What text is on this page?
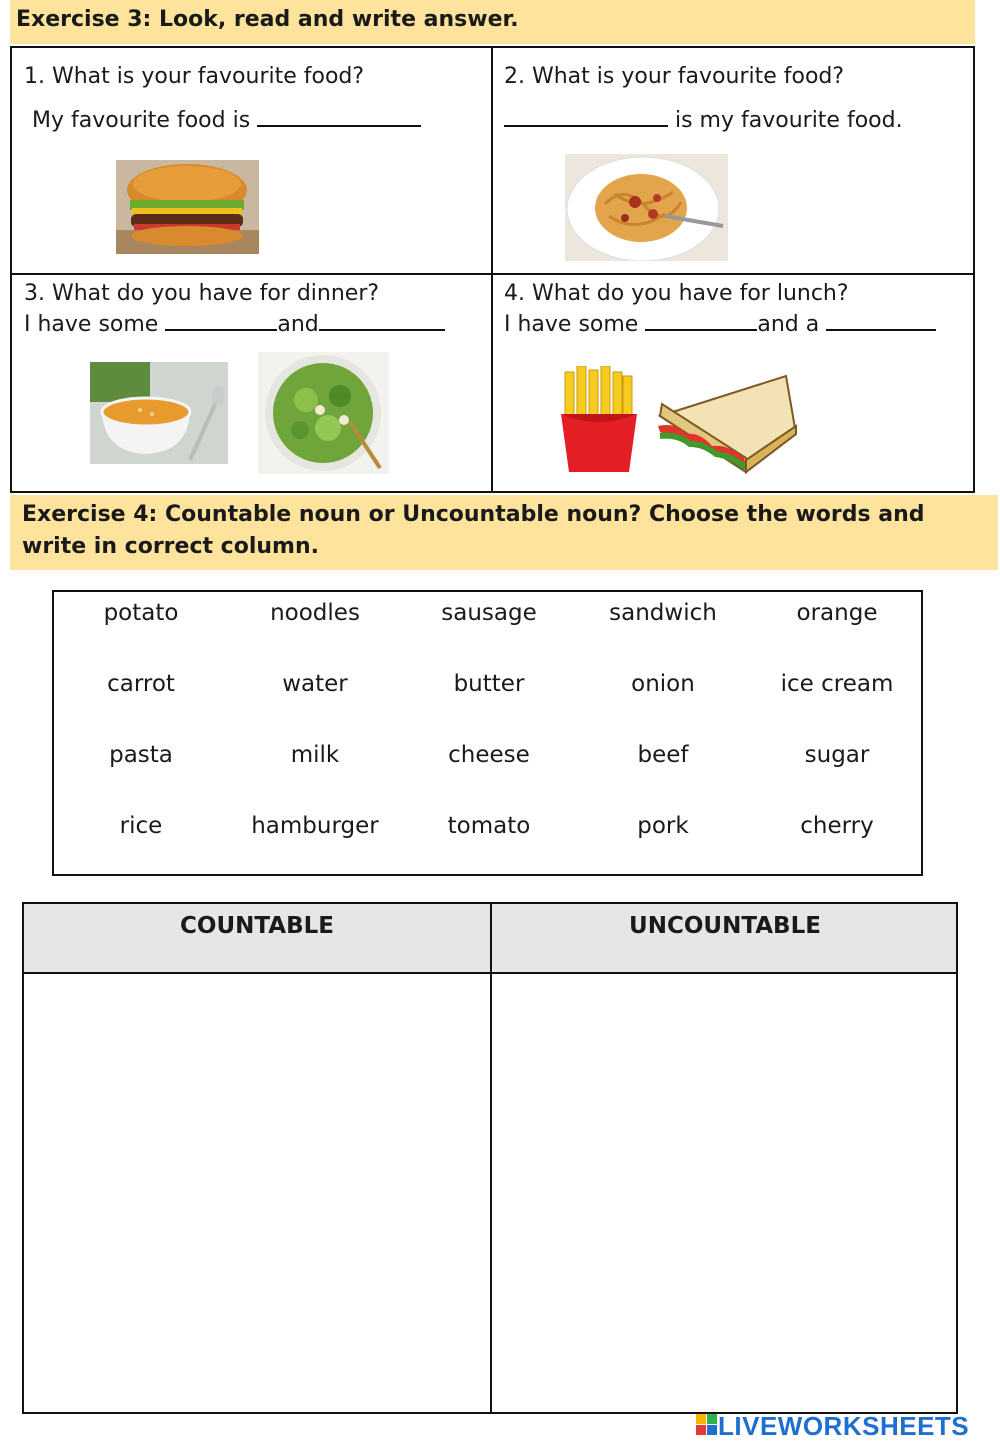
Exercise 3: Look, read and write answer.
1. What is your favourite food?
My favourite food is
2. What is your favourite food?
is my favourite food.
3. What do you have for dinner?
I have some	and
4. What do you have for lunch?
I have some	and a
Exercise 4: Countable noun or Uncountable noun? Choose the words and
write in correct column.
potato	noodles	sausage	sandwich	orange
carrot	water	butter	onion	ice cream
pasta	milk	cheese	beef	sugar
rice	hamburger	tomato	pork	cherry
COUNTABLE	UNCOUNTABLE
LIVEWORKSHEETS
